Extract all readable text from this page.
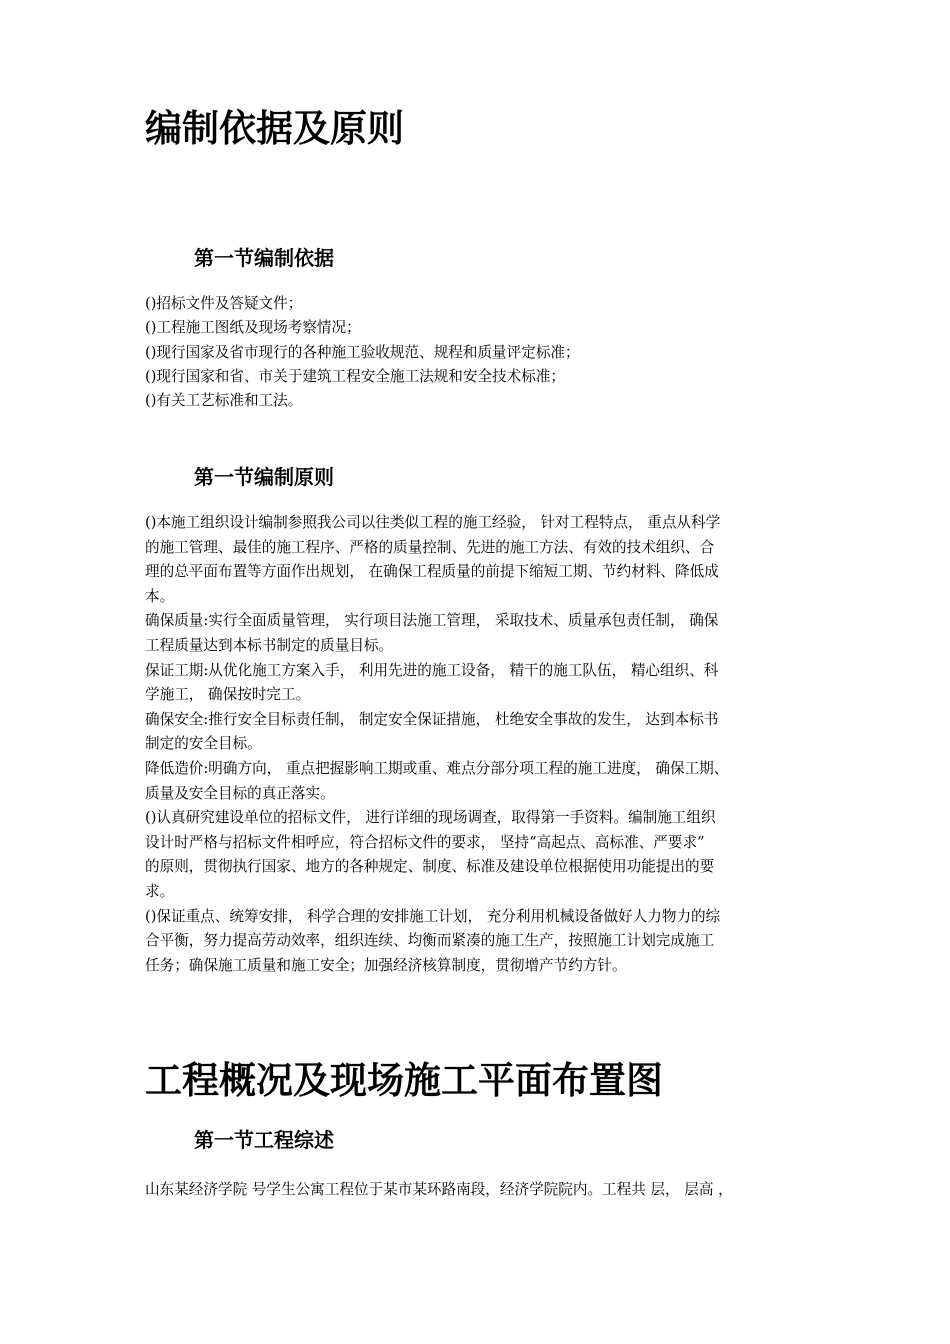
编制依据及原则
第一节编制依据

()招标文件及答疑文件；

()工程施工图纸及现场考察情况；

()现行国家及省市现行的各种施工验收规范、规程和质量评定标准；

()现行国家和省、市关于建筑工程安全施工法规和安全技术标准；

()有关工艺标准和工法。

第一节编制原则

()本施工组织设计编制参照我公司以往类似工程的施工经验， 针对工程特点， 重点从科学

的施工管理、最佳的施工程序、严格的质量控制、先进的施工方法、有效的技术组织、合

理的总平面布置等方面作出规划， 在确保工程质量的前提下缩短工期、节约材料、降低成

本。

确保质量:实行全面质量管理， 实行项目法施工管理， 采取技术、质量承包责任制， 确保

工程质量达到本标书制定的质量目标。

保证工期:从优化施工方案入手， 利用先进的施工设备， 精干的施工队伍， 精心组织、科

学施工， 确保按时完工。

确保安全:推行安全目标责任制， 制定安全保证措施， 杜绝安全事故的发生， 达到本标书

制定的安全目标。

降低造价:明确方向， 重点把握影响工期或重、难点分部分项工程的施工进度， 确保工期、

质量及安全目标的真正落实。

()认真研究建设单位的招标文件， 进行详细的现场调查，取得第一手资料。编制施工组织

设计时严格与招标文件相呼应，符合招标文件的要求， 坚持“高起点、高标准、严要求”

的原则，贯彻执行国家、地方的各种规定、制度、标准及建设单位根据使用功能提出的要

求。

()保证重点、统筹安排， 科学合理的安排施工计划， 充分利用机械设备做好人力物力的综

合平衡，努力提高劳动效率，组织连续、均衡而紧凑的施工生产，按照施工计划完成施工

任务；确保施工质量和施工安全；加强经济核算制度，贯彻增产节约方针。

工程概况及现场施工平面布置图
第一节工程综述

山东某经济学院 号学生公寓工程位于某市某环路南段，经济学院院内。工程共 层， 层高 ，
